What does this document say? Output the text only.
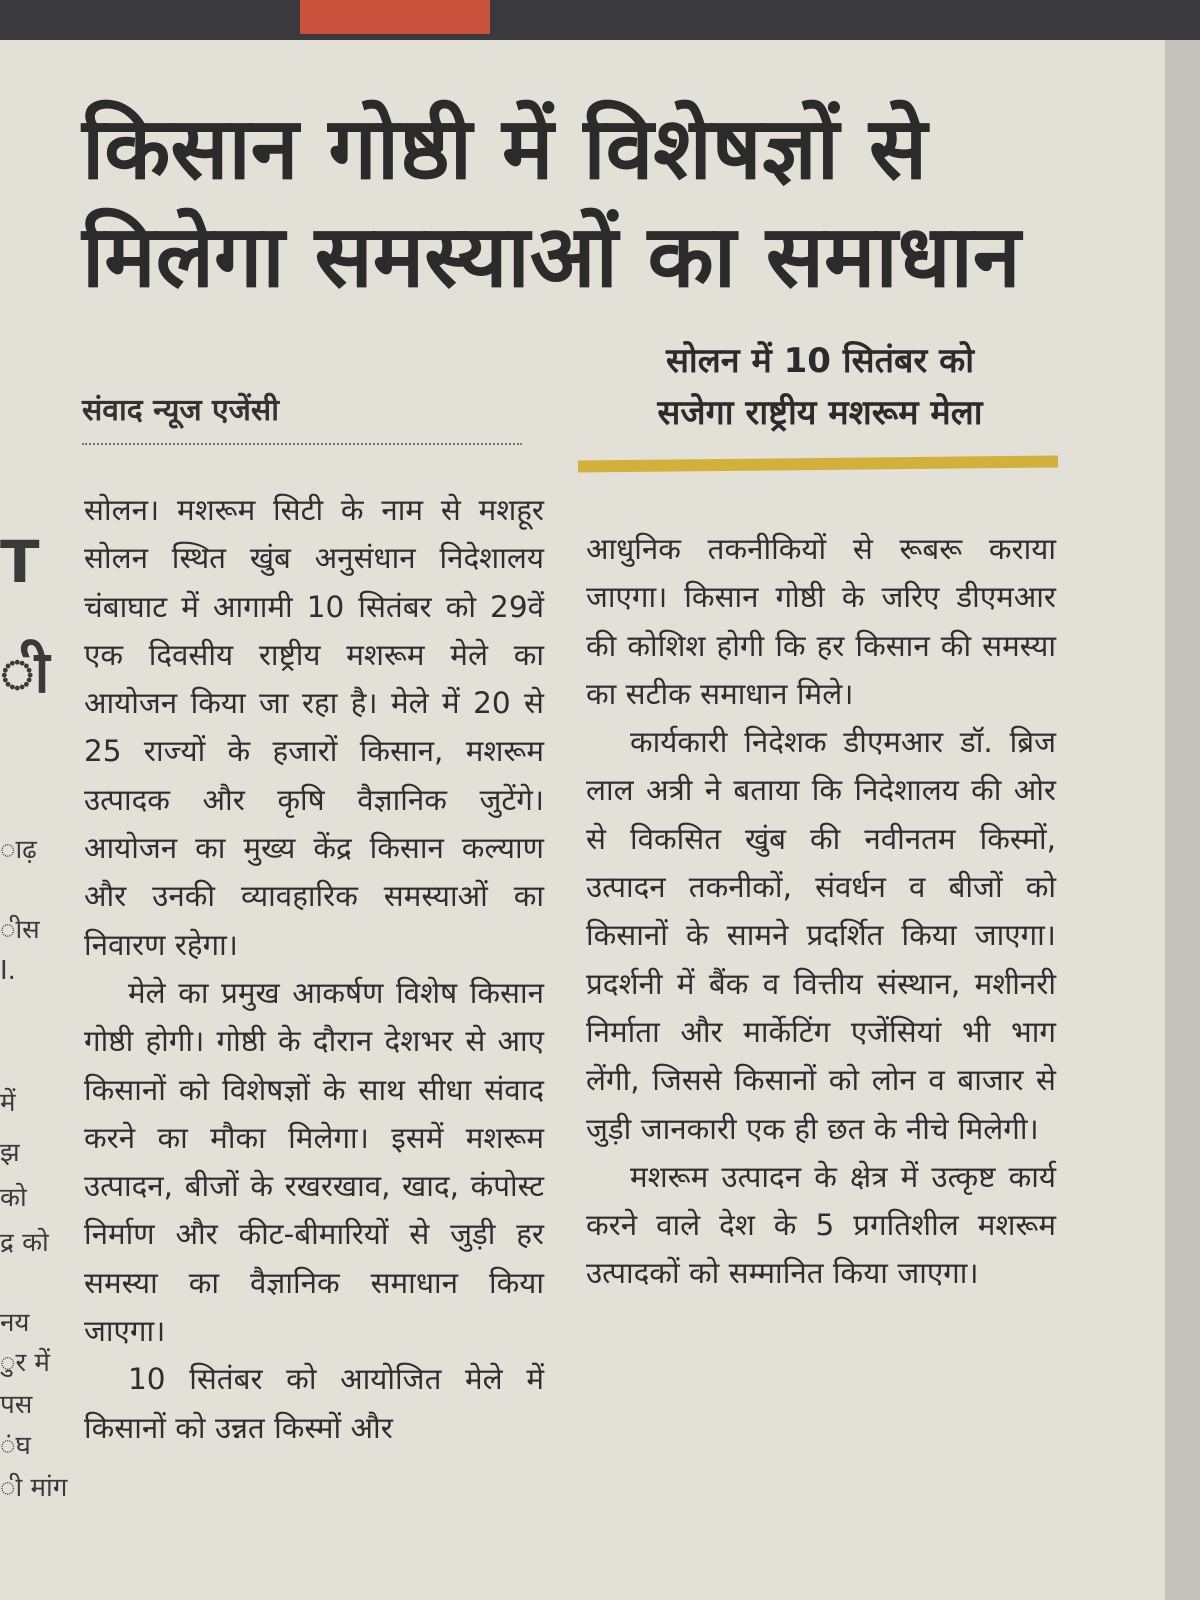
T
ी
ाढ़
ीस
I.
में
झ
को
द्र को
नय
ुर में
पस
ंघ
ी मांग
किसान गोष्ठी में विशेषज्ञों से मिलेगा समस्याओं का समाधान
संवाद न्यूज एजेंसी
सोलन में 10 सितंबर को
सजेगा राष्ट्रीय मशरूम मेला

सोलन। मशरूम सिटी के नाम से मशहूर सोलन स्थित खुंब अनुसंधान निदेशालय चंबाघाट में आगामी 10 सितंबर को 29वें एक दिवसीय राष्ट्रीय मशरूम मेले का आयोजन किया जा रहा है। मेले में 20 से 25 राज्यों के हजारों किसान, मशरूम उत्पादक और कृषि वैज्ञानिक जुटेंगे। आयोजन का मुख्य केंद्र किसान कल्याण और उनकी व्यावहारिक समस्याओं का निवारण रहेगा।

मेले का प्रमुख आकर्षण विशेष किसान गोष्ठी होगी। गोष्ठी के दौरान देशभर से आए किसानों को विशेषज्ञों के साथ सीधा संवाद करने का मौका मिलेगा। इसमें मशरूम उत्पादन, बीजों के रखरखाव, खाद, कंपोस्ट निर्माण और कीट-बीमारियों से जुड़ी हर समस्या का वैज्ञानिक समाधान किया जाएगा।

10 सितंबर को आयोजित मेले में किसानों को उन्नत किस्मों और

आधुनिक तकनीकियों से रूबरू कराया जाएगा। किसान गोष्ठी के जरिए डीएमआर की कोशिश होगी कि हर किसान की समस्या का सटीक समाधान मिले।

कार्यकारी निदेशक डीएमआर डॉ. ब्रिज लाल अत्री ने बताया कि निदेशालय की ओर से विकसित खुंब की नवीनतम किस्मों, उत्पादन तकनीकों, संवर्धन व बीजों को किसानों के सामने प्रदर्शित किया जाएगा। प्रदर्शनी में बैंक व वित्तीय संस्थान, मशीनरी निर्माता और मार्केटिंग एजेंसियां भी भाग लेंगी, जिससे किसानों को लोन व बाजार से जुड़ी जानकारी एक ही छत के नीचे मिलेगी।

मशरूम उत्पादन के क्षेत्र में उत्कृष्ट कार्य करने वाले देश के 5 प्रगतिशील मशरूम उत्पादकों को सम्मानित किया जाएगा।
